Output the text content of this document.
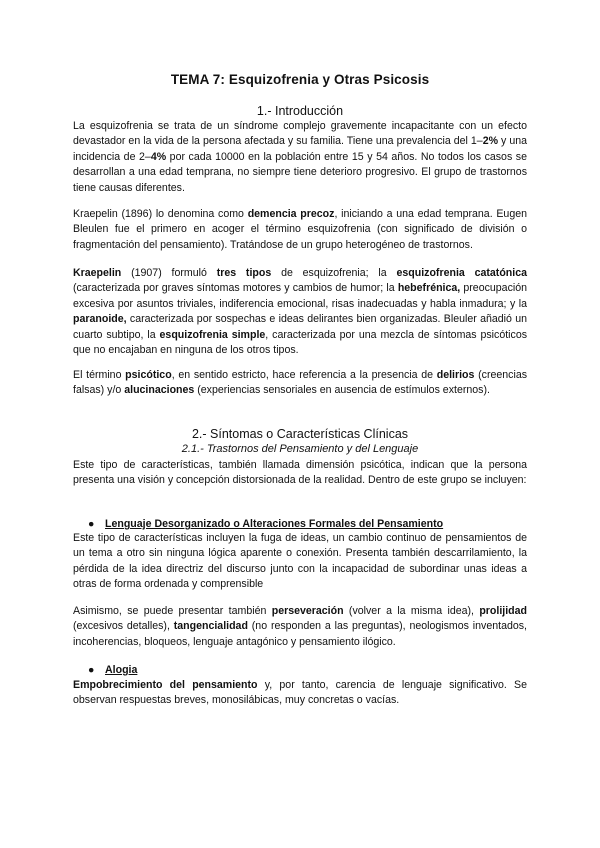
TEMA 7: Esquizofrenia y Otras Psicosis
1.- Introducción

La esquizofrenia se trata de un síndrome complejo gravemente incapacitante con un efecto devastador en la vida de la persona afectada y su familia. Tiene una prevalencia del 1–2% y una incidencia de 2–4% por cada 10000 en la población entre 15 y 54 años. No todos los casos se desarrollan a una edad temprana, no siempre tiene deterioro progresivo. El grupo de trastornos tiene causas diferentes.

Kraepelin (1896) lo denomina como demencia precoz, iniciando a una edad temprana. Eugen Bleulen fue el primero en acoger el término esquizofrenia (con significado de división o fragmentación del pensamiento). Tratándose de un grupo heterogéneo de trastornos.

Kraepelin (1907) formuló tres tipos de esquizofrenia; la esquizofrenia catatónica (caracterizada por graves síntomas motores y cambios de humor; la hebefrénica, preocupación excesiva por asuntos triviales, indiferencia emocional, risas inadecuadas y habla inmadura; y la paranoide, caracterizada por sospechas e ideas delirantes bien organizadas. Bleuler añadió un cuarto subtipo, la esquizofrenia simple, caracterizada por una mezcla de síntomas psicóticos que no encajaban en ninguna de los otros tipos.

El término psicótico, en sentido estricto, hace referencia a la presencia de delirios (creencias falsas) y/o alucinaciones (experiencias sensoriales en ausencia de estímulos externos).

2.- Síntomas o Características Clínicas
2.1.- Trastornos del Pensamiento y del Lenguaje

Este tipo de características, también llamada dimensión psicótica, indican que la persona presenta una visión y concepción distorsionada de la realidad. Dentro de este grupo se incluyen:

● Lenguaje Desorganizado o Alteraciones Formales del Pensamiento

Este tipo de características incluyen la fuga de ideas, un cambio continuo de pensamientos de un tema a otro sin ninguna lógica aparente o conexión. Presenta también descarrilamiento, la pérdida de la idea directriz del discurso junto con la incapacidad de subordinar unas ideas a otras de forma ordenada y comprensible

Asimismo, se puede presentar también perseveración (volver a la misma idea), prolijidad (excesivos detalles), tangencialidad (no responden a las preguntas), neologismos inventados, incoherencias, bloqueos, lenguaje antagónico y pensamiento ilógico.

● Alogia

Empobrecimiento del pensamiento y, por tanto, carencia de lenguaje significativo. Se observan respuestas breves, monosilábicas, muy concretas o vacías.
